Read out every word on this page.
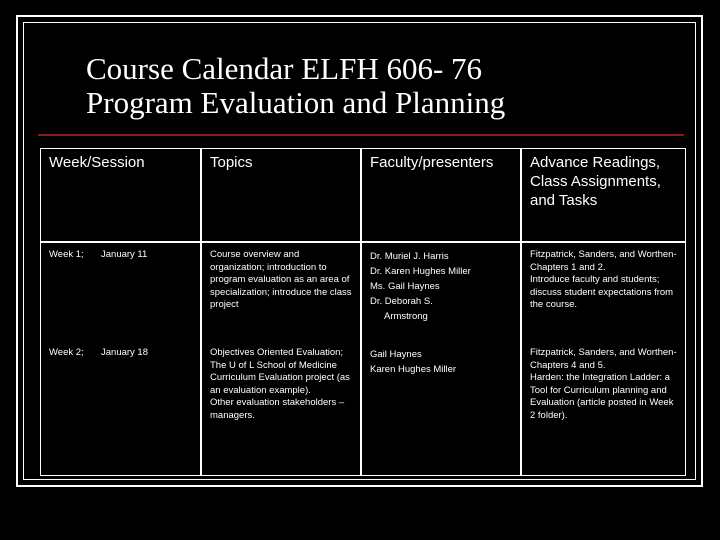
Course Calendar ELFH 606- 76
Program Evaluation and Planning
Week/Session	Topics	Faculty/presenters	Advance Readings, Class Assignments, and Tasks

Week 1; January 11	Course overview and organization; introduction to program evaluation as an area of specialization; introduce the class project	Dr. Muriel J. Harris
Dr. Karen Hughes Miller
Ms. Gail Haynes
Dr. Deborah S.
Armstrong	Fitzpatrick, Sanders, and Worthen- Chapters 1 and 2.
Introduce faculty and students; discuss student expectations from the course.

Week 2; January 18	Objectives Oriented Evaluation; The U of L School of Medicine Curriculum Evaluation project (as an evaluation example).
Other evaluation stakeholders – managers.	Gail Haynes
Karen Hughes Miller	Fitzpatrick, Sanders, and Worthen- Chapters 4 and 5.
Harden: the Integration Ladder: a Tool for Curriculum planning and Evaluation (article posted in Week 2 folder).
